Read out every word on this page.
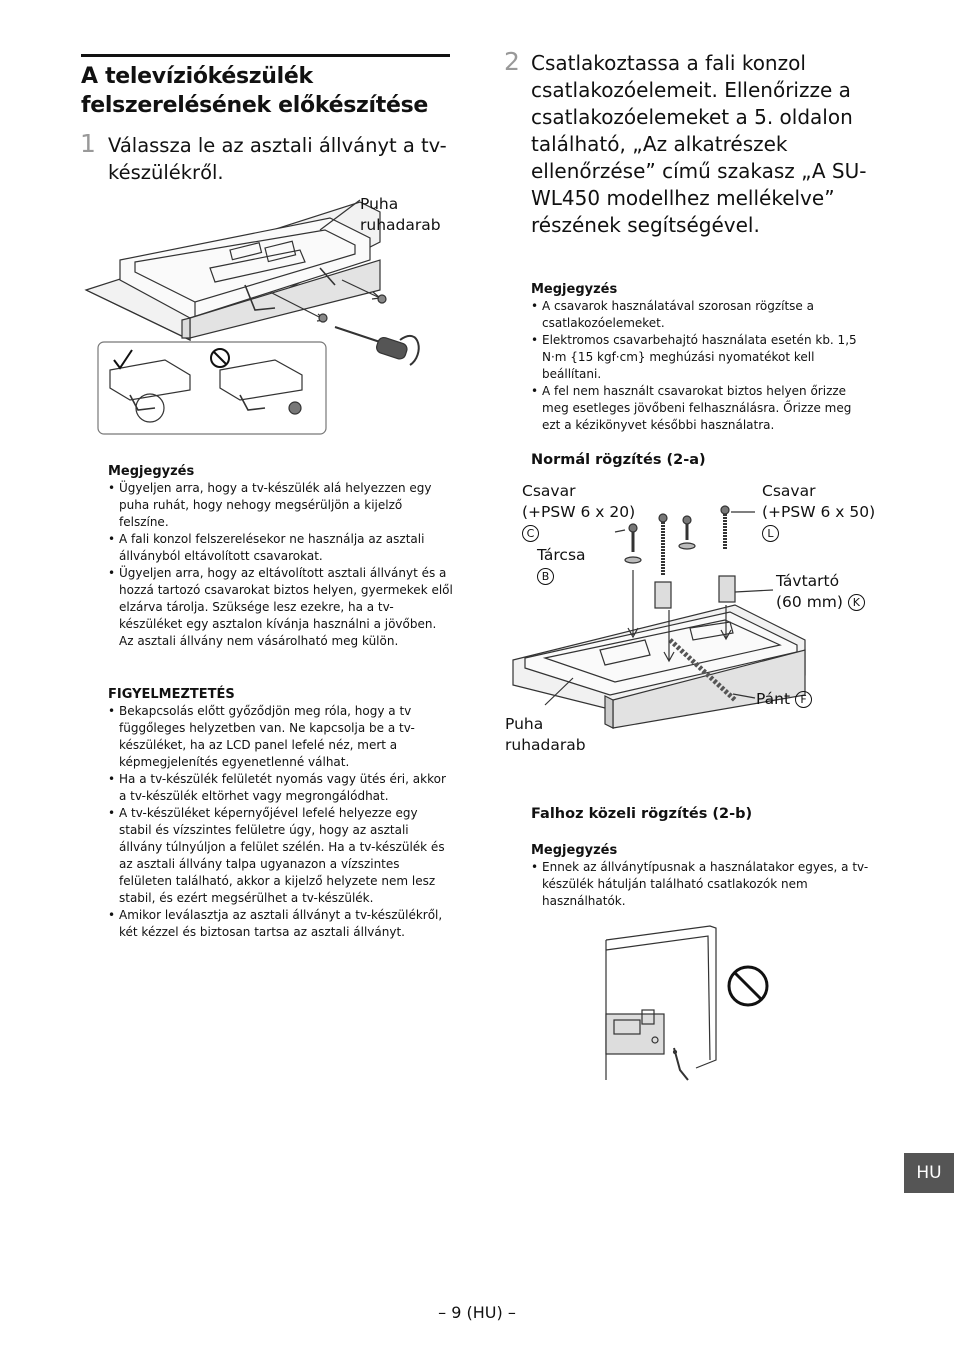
A televíziókészülék felszerelésének előkészítése
1 Válassza le az asztali állványt a tv-készülékről.
Puha
ruhadarab
Megjegyzés
• Ügyeljen arra, hogy a tv-készülék alá helyezzen egy puha ruhát, hogy nehogy megsérüljön a kijelző felszíne.
• A fali konzol felszerelésekor ne használja az asztali állványból eltávolított csavarokat.
• Ügyeljen arra, hogy az eltávolított asztali állványt és a hozzá tartozó csavarokat biztos helyen, gyermekek elől elzárva tárolja. Szüksége lesz ezekre, ha a tv-készüléket egy asztalon kívánja használni a jövőben. Az asztali állvány nem vásárolható meg külön.
FIGYELMEZTETÉS
• Bekapcsolás előtt győződjön meg róla, hogy a tv függőleges helyzetben van. Ne kapcsolja be a tv-készüléket, ha az LCD panel lefelé néz, mert a képmegjelenítés egyenetlenné válhat.
• Ha a tv-készülék felületét nyomás vagy ütés éri, akkor a tv-készülék eltörhet vagy megrongálódhat.
• A tv-készüléket képernyőjével lefelé helyezze egy stabil és vízszintes felületre úgy, hogy az asztali állvány túlnyúljon a felület szélén. Ha a tv-készülék és az asztali állvány talpa ugyanazon a vízszintes felületen található, akkor a kijelző helyzete nem lesz stabil, és ezért megsérülhet a tv-készülék.
• Amikor leválasztja az asztali állványt a tv-készülékről, két kézzel és biztosan tartsa az asztali állványt.
2 Csatlakoztassa a fali konzol csatlakozóelemeit. Ellenőrizze a csatlakozóelemeket a 5. oldalon található, „Az alkatrészek ellenőrzése” című szakasz „A SU-WL450 modellhez mellékelve” részének segítségével.
Megjegyzés
• A csavarok használatával szorosan rögzítse a csatlakozóelemeket.
• Elektromos csavarbehajtó használata esetén kb. 1,5 N·m {15 kgf·cm} meghúzási nyomatékot kell beállítani.
• A fel nem használt csavarokat biztos helyen őrizze meg esetleges jövőbeni felhasználásra. Őrizze meg ezt a kézikönyvet későbbi használatra.
Normál rögzítés (2-a)
Csavar
(+PSW 6 x 20)
C
Tárcsa
B
Csavar
(+PSW 6 x 50)
L
Távtartó
(60 mm) K
Pánt F
Puha
ruhadarab
Falhoz közeli rögzítés (2-b)
Megjegyzés
• Ennek az állványtípusnak a használatakor egyes, a tv-készülék hátulján található csatlakozók nem használhatók.
HU
– 9 (HU) –
